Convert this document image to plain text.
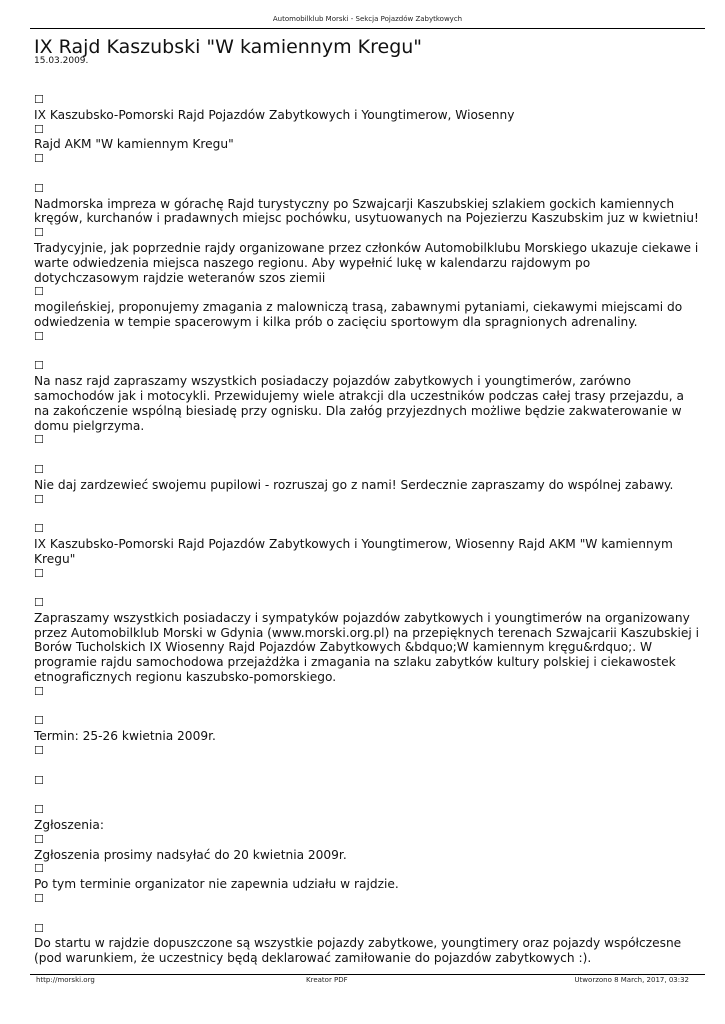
Automobilklub Morski - Sekcja Pojazdów Zabytkowych
IX Rajd Kaszubski "W kamiennym Kregu"
15.03.2009.
☐
IX Kaszubsko-Pomorski Rajd Pojazdów Zabytkowych i Youngtimerow, Wiosenny
☐
Rajd AKM "W kamiennym Kregu"
☐

☐
Nadmorska impreza w górachę Rajd turystyczny po Szwajcarji Kaszubskiej szlakiem gockich kamiennych kręgów, kurchanów i pradawnych miejsc pochówku, usytuowanych na Pojezierzu Kaszubskim juz w kwietniu!
☐
Tradycyjnie, jak poprzednie rajdy organizowane przez członków Automobilklubu Morskiego ukazuje ciekawe i warte odwiedzenia miejsca naszego regionu. Aby wypełnić lukę w kalendarzu rajdowym po dotychczasowym rajdzie weteranów szos ziemii
☐
mogileńskiej, proponujemy zmagania z malowniczą trasą, zabawnymi pytaniami, ciekawymi miejscami do odwiedzenia w tempie spacerowym i kilka prób o zacięciu sportowym dla spragnionych adrenaliny.
☐

☐
Na nasz rajd zapraszamy wszystkich posiadaczy pojazdów zabytkowych i youngtimerów, zarówno samochodów jak i motocykli. Przewidujemy wiele atrakcji dla uczestników podczas całej trasy przejazdu, a na zakończenie wspólną biesiadę przy ognisku. Dla załóg przyjezdnych możliwe będzie zakwaterowanie w domu pielgrzyma.
☐

☐
Nie daj zardzewieć swojemu pupilowi - rozruszaj go z nami! Serdecznie zapraszamy do wspólnej zabawy.
☐

☐
IX Kaszubsko-Pomorski Rajd Pojazdów Zabytkowych i Youngtimerow, Wiosenny Rajd AKM "W kamiennym Kregu"
☐

☐
Zapraszamy wszystkich posiadaczy i sympatyków pojazdów zabytkowych i youngtimerów na organizowany przez Automobilklub Morski w Gdynia (www.morski.org.pl) na przepięknych terenach Szwajcarii Kaszubskiej i Borów Tucholskich IX Wiosenny Rajd Pojazdów Zabytkowych &bdquo;W kamiennym kręgu&rdquo;. W programie rajdu samochodowa przejażdżka i zmagania na szlaku zabytków kultury polskiej i ciekawostek etnograficznych regionu kaszubsko-pomorskiego.
☐

☐
Termin: 25-26 kwietnia 2009r.
☐

☐

☐
Zgłoszenia:
☐
Zgłoszenia prosimy nadsyłać do 20 kwietnia 2009r.
☐
Po tym terminie organizator nie zapewnia udziału w rajdzie.
☐

☐
Do startu w rajdzie dopuszczone są wszystkie pojazdy zabytkowe, youngtimery oraz pojazdy współczesne (pod warunkiem, że uczestnicy będą deklarować zamiłowanie do pojazdów zabytkowych :).
http://morski.org	Kreator PDF	Utworzono 8 March, 2017, 03:32
